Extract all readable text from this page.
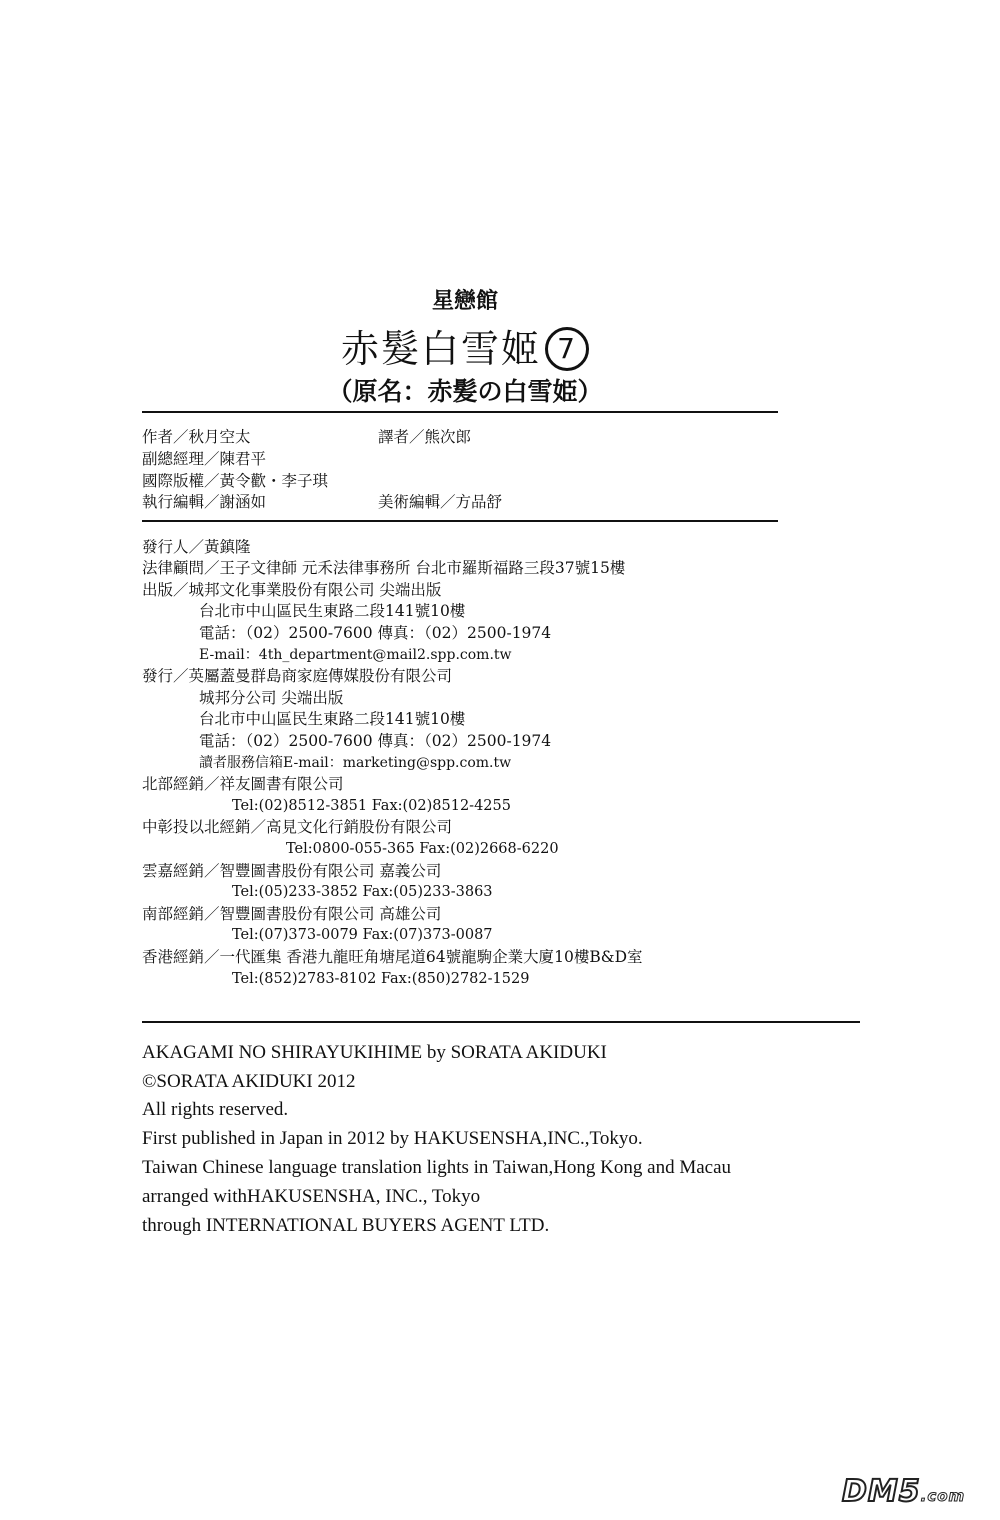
星戀館
赤髮白雪姬 7
（原名：赤髪の白雪姫）
作者／秋月空太	譯者／熊次郎
副總經理／陳君平
國際版權／黃令歡・李子琪
執行編輯／謝涵如	美術編輯／方品舒
發行人／黃鎮隆
法律顧問／王子文律師 元禾法律事務所 台北市羅斯福路三段37號15樓
出版／城邦文化事業股份有限公司 尖端出版
台北市中山區民生東路二段141號10樓
電話：（02）2500-7600 傳真：（02）2500-1974
E-mail：4th_department@mail2.spp.com.tw
發行／英屬蓋曼群島商家庭傳媒股份有限公司
城邦分公司 尖端出版
台北市中山區民生東路二段141號10樓
電話：（02）2500-7600 傳真：（02）2500-1974
讀者服務信箱E-mail：marketing@spp.com.tw
北部經銷／祥友圖書有限公司
Tel:(02)8512-3851 Fax:(02)8512-4255
中彰投以北經銷／高見文化行銷股份有限公司
Tel:0800-055-365 Fax:(02)2668-6220
雲嘉經銷／智豐圖書股份有限公司 嘉義公司
Tel:(05)233-3852 Fax:(05)233-3863
南部經銷／智豐圖書股份有限公司 高雄公司
Tel:(07)373-0079 Fax:(07)373-0087
香港經銷／一代匯集 香港九龍旺角塘尾道64號龍駒企業大廈10樓B&D室
Tel:(852)2783-8102 Fax:(850)2782-1529
AKAGAMI NO SHIRAYUKIHIME by SORATA AKIDUKI
©SORATA AKIDUKI 2012
All rights reserved.
First published in Japan in 2012 by HAKUSENSHA,INC.,Tokyo.
Taiwan Chinese language translation lights in Taiwan,Hong Kong and Macau
arranged withHAKUSENSHA, INC., Tokyo
through INTERNATIONAL BUYERS AGENT LTD.
DM5.com
